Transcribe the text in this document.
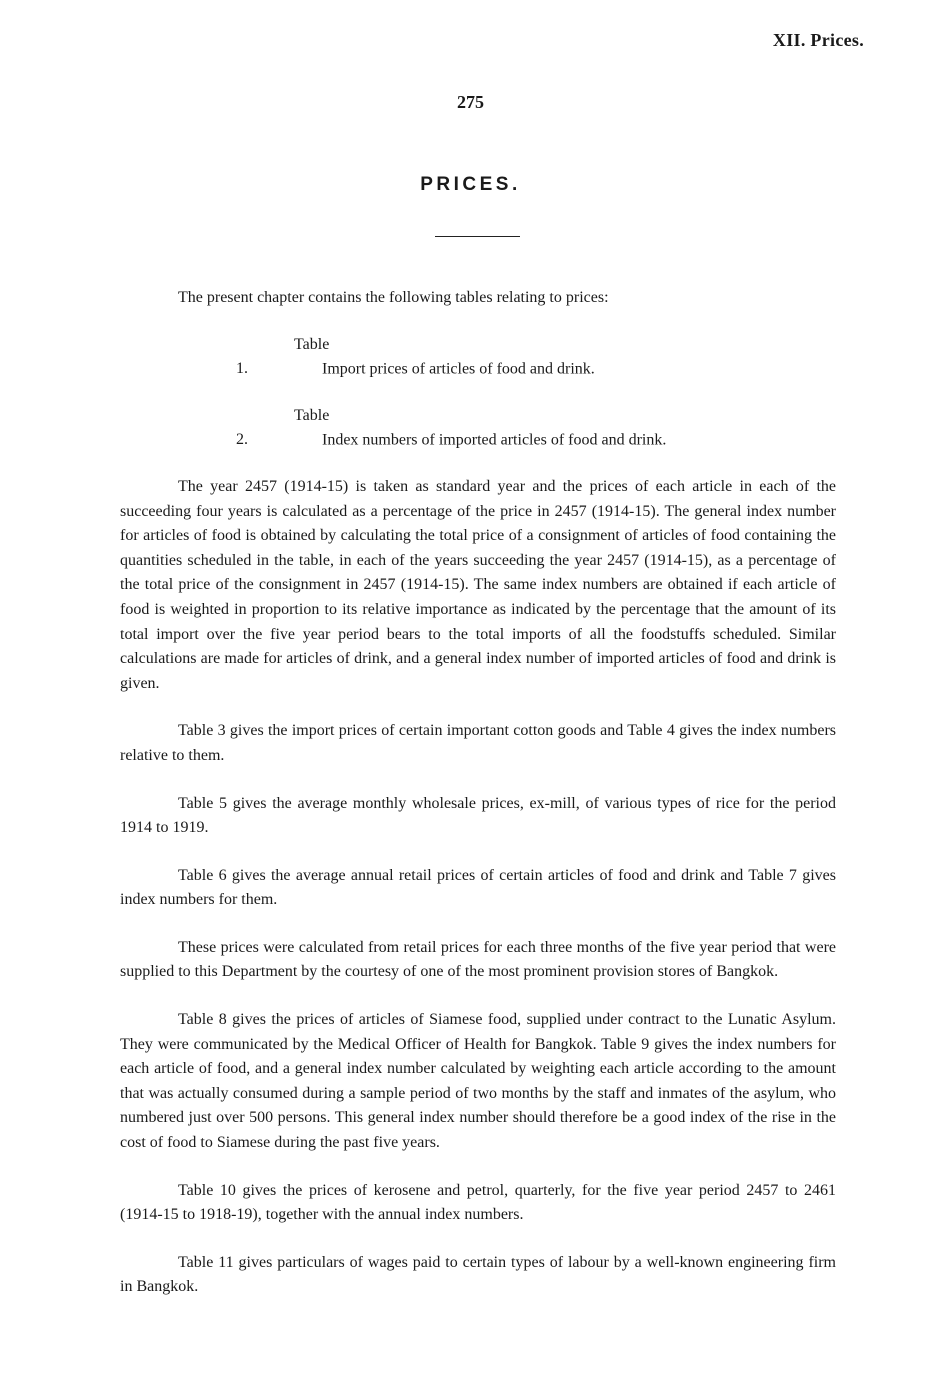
XII. Prices.
275
PRICES.

The present chapter contains the following tables relating to prices:

Table 1.	Import prices of articles of food and drink.

Table 2.	Index numbers of imported articles of food and drink.

The year 2457 (1914-15) is taken as standard year and the prices of each article in each of the succeeding four years is calculated as a percentage of the price in 2457 (1914-15). The general index number for articles of food is obtained by calculating the total price of a consignment of articles of food containing the quantities scheduled in the table, in each of the years succeeding the year 2457 (1914-15), as a percentage of the total price of the consignment in 2457 (1914-15). The same index numbers are obtained if each article of food is weighted in proportion to its relative importance as indicated by the percentage that the amount of its total import over the five year period bears to the total imports of all the foodstuffs scheduled. Similar calculations are made for articles of drink, and a general index number of imported articles of food and drink is given.

Table 3 gives the import prices of certain important cotton goods and Table 4 gives the index numbers relative to them.

Table 5 gives the average monthly wholesale prices, ex-mill, of various types of rice for the period 1914 to 1919.

Table 6 gives the average annual retail prices of certain articles of food and drink and Table 7 gives index numbers for them.

These prices were calculated from retail prices for each three months of the five year period that were supplied to this Department by the courtesy of one of the most prominent provision stores of Bangkok.

Table 8 gives the prices of articles of Siamese food, supplied under contract to the Lunatic Asylum. They were communicated by the Medical Officer of Health for Bangkok. Table 9 gives the index numbers for each article of food, and a general index number calculated by weighting each article according to the amount that was actually consumed during a sample period of two months by the staff and inmates of the asylum, who numbered just over 500 persons. This general index number should therefore be a good index of the rise in the cost of food to Siamese during the past five years.

Table 10 gives the prices of kerosene and petrol, quarterly, for the five year period 2457 to 2461 (1914-15 to 1918-19), together with the annual index numbers.

Table 11 gives particulars of wages paid to certain types of labour by a well-known engineering firm in Bangkok.
